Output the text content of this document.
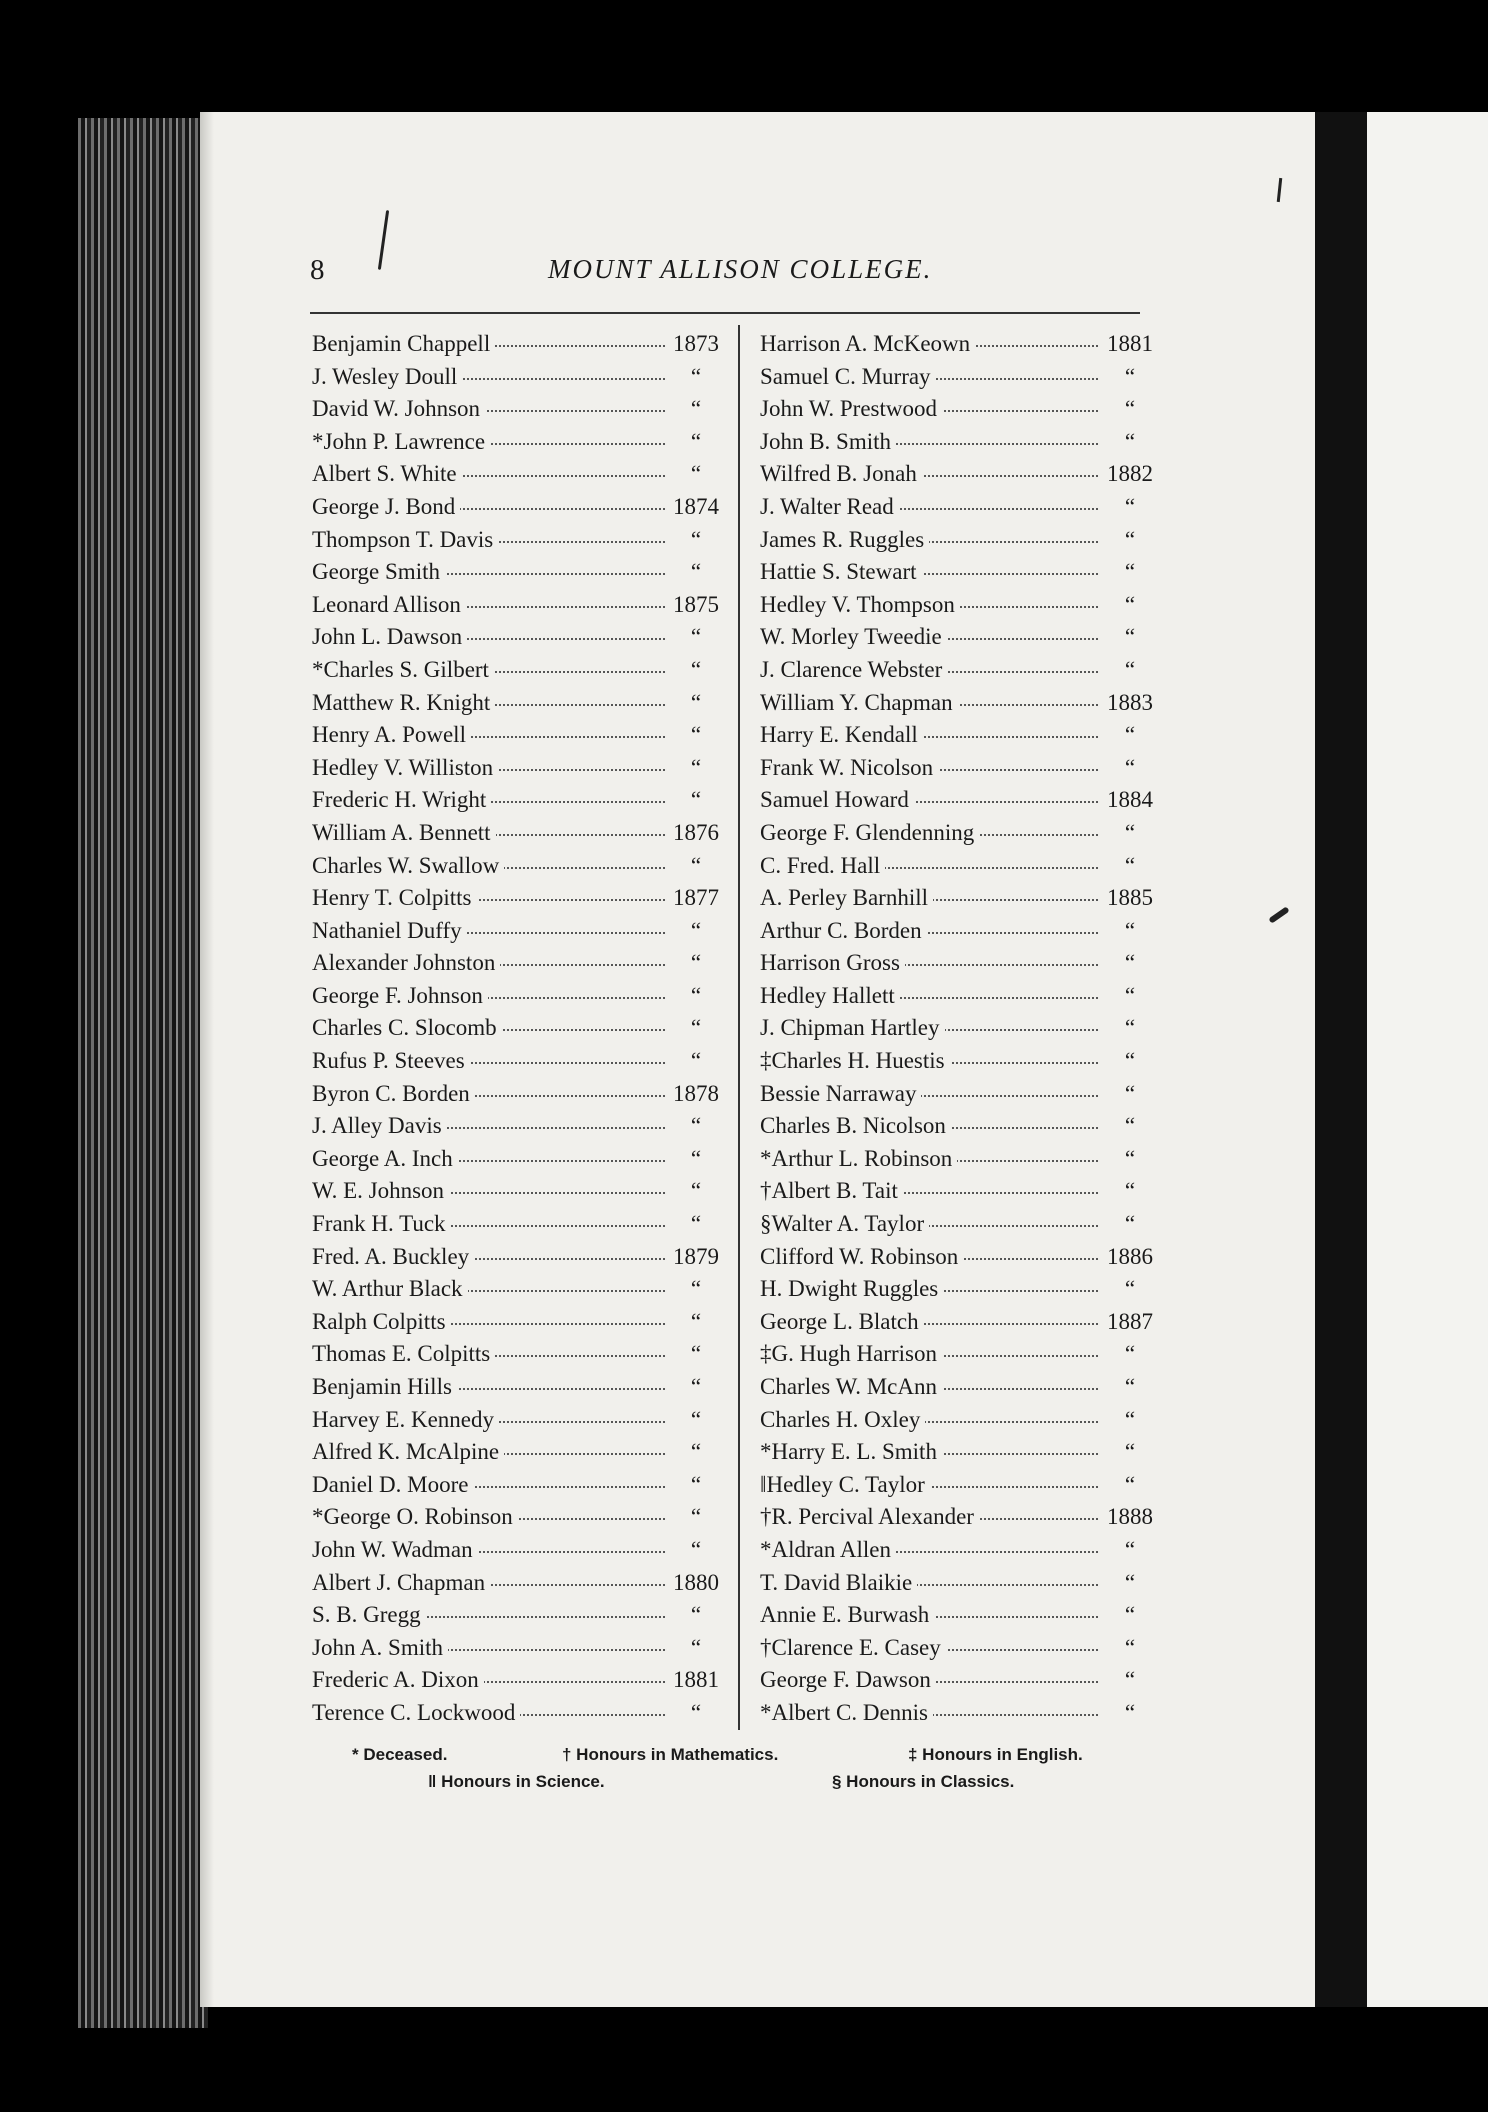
8	MOUNT ALLISON COLLEGE.
Benjamin Chappell	1873
J. Wesley Doull	“
David W. Johnson	“
*John P. Lawrence	“
Albert S. White	“
George J. Bond	1874
Thompson T. Davis	“
George Smith	“
Leonard Allison	1875
John L. Dawson	“
*Charles S. Gilbert	“
Matthew R. Knight	“
Henry A. Powell	“
Hedley V. Williston	“
Frederic H. Wright	“
William A. Bennett	1876
Charles W. Swallow	“
Henry T. Colpitts	1877
Nathaniel Duffy	“
Alexander Johnston	“
George F. Johnson	“
Charles C. Slocomb	“
Rufus P. Steeves	“
Byron C. Borden	1878
J. Alley Davis	“
George A. Inch	“
W. E. Johnson	“
Frank H. Tuck	“
Fred. A. Buckley	1879
W. Arthur Black	“
Ralph Colpitts	“
Thomas E. Colpitts	“
Benjamin Hills	“
Harvey E. Kennedy	“
Alfred K. McAlpine	“
Daniel D. Moore	“
*George O. Robinson	“
John W. Wadman	“
Albert J. Chapman	1880
S. B. Gregg	“
John A. Smith	“
Frederic A. Dixon	1881
Terence C. Lockwood	“
Harrison A. McKeown	1881
Samuel C. Murray	“
John W. Prestwood	“
John B. Smith	“
Wilfred B. Jonah	1882
J. Walter Read	“
James R. Ruggles	“
Hattie S. Stewart	“
Hedley V. Thompson	“
W. Morley Tweedie	“
J. Clarence Webster	“
William Y. Chapman	1883
Harry E. Kendall	“
Frank W. Nicolson	“
Samuel Howard	1884
George F. Glendenning	“
C. Fred. Hall	“
A. Perley Barnhill	1885
Arthur C. Borden	“
Harrison Gross	“
Hedley Hallett	“
J. Chipman Hartley	“
‡Charles H. Huestis	“
Bessie Narraway	“
Charles B. Nicolson	“
*Arthur L. Robinson	“
†Albert B. Tait	“
§Walter A. Taylor	“
Clifford W. Robinson	1886
H. Dwight Ruggles	“
George L. Blatch	1887
‡G. Hugh Harrison	“
Charles W. McAnn	“
Charles H. Oxley	“
*Harry E. L. Smith	“
‖Hedley C. Taylor	“
†R. Percival Alexander	1888
*Aldran Allen	“
T. David Blaikie	“
Annie E. Burwash	“
†Clarence E. Casey	“
George F. Dawson	“
*Albert C. Dennis	“
* Deceased.	† Honours in Mathematics.	‡ Honours in English.
‖ Honours in Science.	§ Honours in Classics.
